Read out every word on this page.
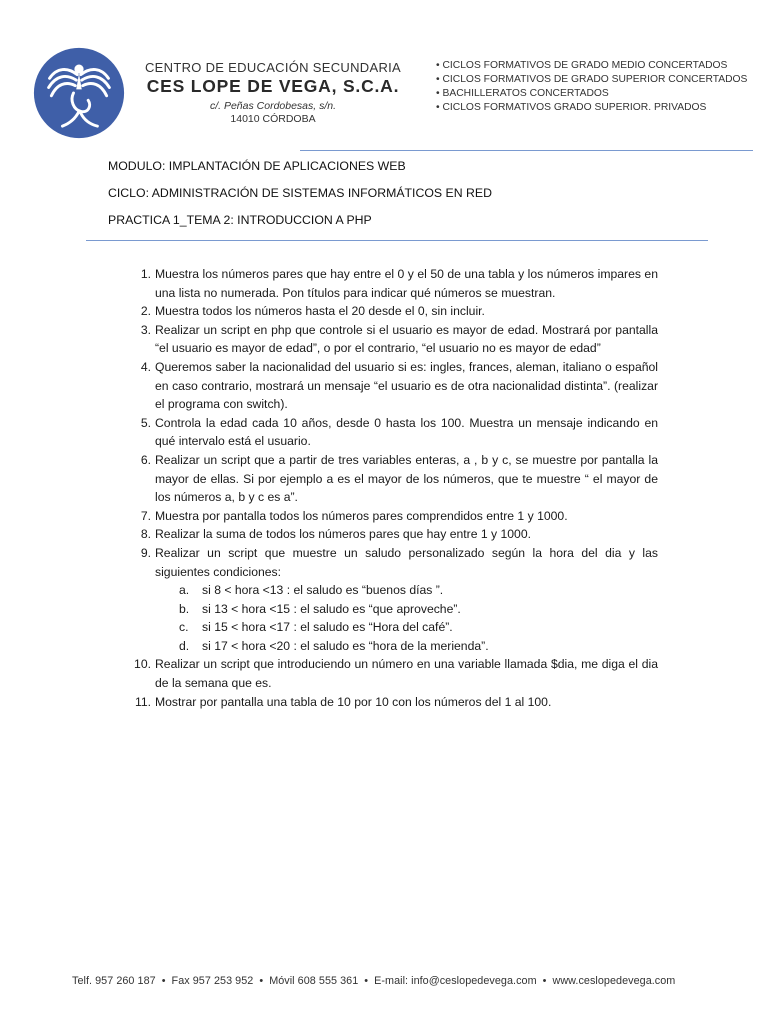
CENTRO DE EDUCACIÓN SECUNDARIA
CES LOPE DE VEGA, S.C.A.
c/. Peñas Cordobesas, s/n.
14010 CÓRDOBA
• CICLOS FORMATIVOS DE GRADO MEDIO CONCERTADOS
• CICLOS FORMATIVOS DE GRADO SUPERIOR CONCERTADOS
• BACHILLERATOS CONCERTADOS
• CICLOS FORMATIVOS GRADO SUPERIOR. PRIVADOS
MODULO: IMPLANTACIÓN DE APLICACIONES WEB
CICLO: ADMINISTRACIÓN DE SISTEMAS INFORMÁTICOS EN RED
PRACTICA 1_TEMA 2: INTRODUCCION A PHP
1. Muestra los números pares que hay entre el 0 y el 50 de una tabla y los números impares en una lista no numerada. Pon títulos para indicar qué números se muestran.
2. Muestra todos los números hasta el 20 desde el 0, sin incluir.
3. Realizar un script en php que controle si el usuario es mayor de edad. Mostrará por pantalla “el usuario es mayor de edad”, o por el contrario, “el usuario no es mayor de edad”
4. Queremos saber la nacionalidad del usuario si es: ingles, frances, aleman, italiano o español en caso contrario, mostrará un mensaje “el usuario es de otra nacionalidad distinta”. (realizar el programa con switch).
5. Controla la edad cada 10 años, desde 0 hasta los 100. Muestra un mensaje indicando en qué intervalo está el usuario.
6. Realizar un script que a partir de tres variables enteras, a , b y c, se muestre por pantalla la mayor de ellas. Si por ejemplo a es el mayor de los números, que te muestre “ el mayor de los números a, b y c es a”.
7. Muestra por pantalla todos los números pares comprendidos entre 1 y 1000.
8. Realizar la suma de todos los números pares que hay entre 1 y 1000.
9. Realizar un script que muestre un saludo personalizado según la hora del dia y las siguientes condiciones:
a. si 8 < hora <13 : el saludo es “buenos días ”.
b. si 13 < hora <15 : el saludo es “que aproveche”.
c. si 15 < hora <17 : el saludo es “Hora del café”.
d. si 17 < hora <20 : el saludo es “hora de la merienda”.
10. Realizar un script que introduciendo un número en una variable llamada $dia, me diga el dia de la semana que es.
11. Mostrar por pantalla una tabla de 10 por 10 con los números del 1 al 100.
Telf. 957 260 187 • Fax 957 253 952 • Móvil 608 555 361 • E-mail: info@ceslopedevega.com • www.ceslopedevega.com
